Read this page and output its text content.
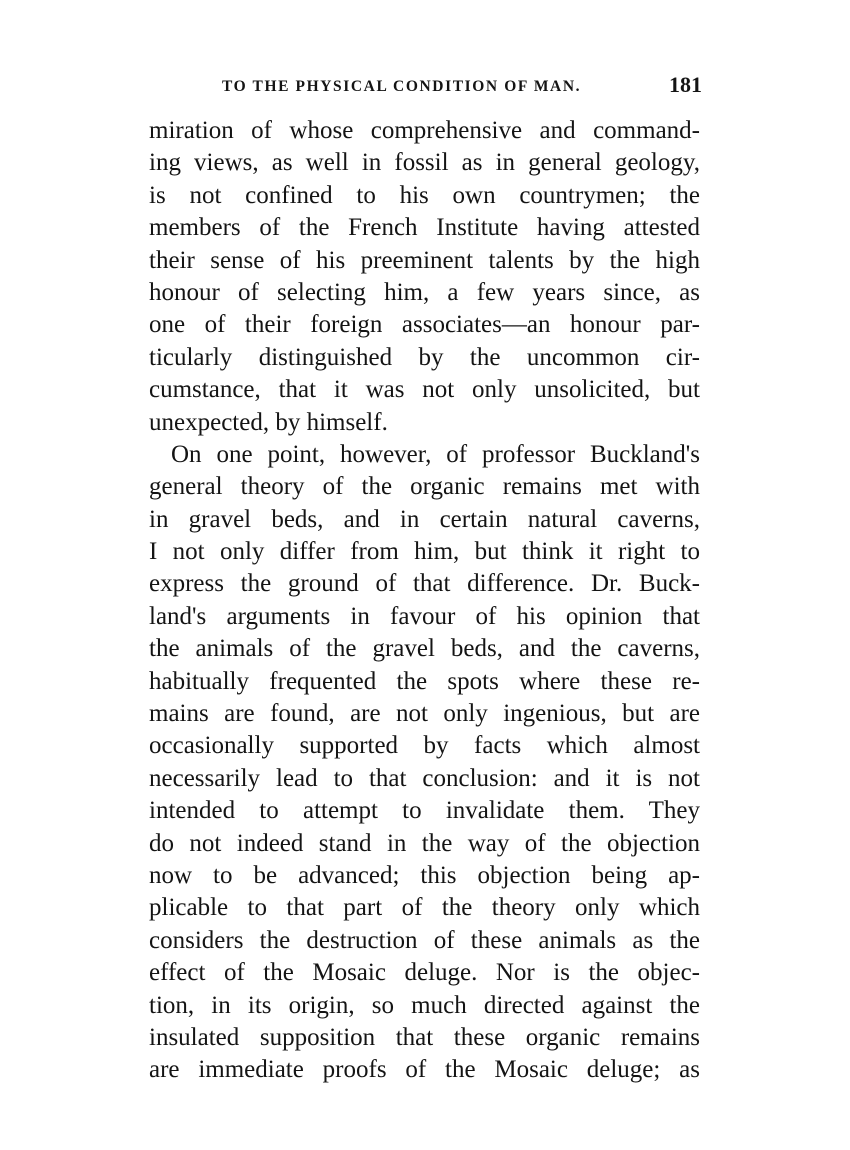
TO THE PHYSICAL CONDITION OF MAN.	181
miration of whose comprehensive and command-
ing views, as well in fossil as in general geology,
is not confined to his own countrymen; the
members of the French Institute having attested
their sense of his preeminent talents by the high
honour of selecting him, a few years since, as
one of their foreign associates—an honour par-
ticularly distinguished by the uncommon cir-
cumstance, that it was not only unsolicited, but
unexpected, by himself.
On one point, however, of professor Buckland's
general theory of the organic remains met with
in gravel beds, and in certain natural caverns,
I not only differ from him, but think it right to
express the ground of that difference. Dr. Buck-
land's arguments in favour of his opinion that
the animals of the gravel beds, and the caverns,
habitually frequented the spots where these re-
mains are found, are not only ingenious, but are
occasionally supported by facts which almost
necessarily lead to that conclusion: and it is not
intended to attempt to invalidate them. They
do not indeed stand in the way of the objection
now to be advanced; this objection being ap-
plicable to that part of the theory only which
considers the destruction of these animals as the
effect of the Mosaic deluge. Nor is the objec-
tion, in its origin, so much directed against the
insulated supposition that these organic remains
are immediate proofs of the Mosaic deluge; as
